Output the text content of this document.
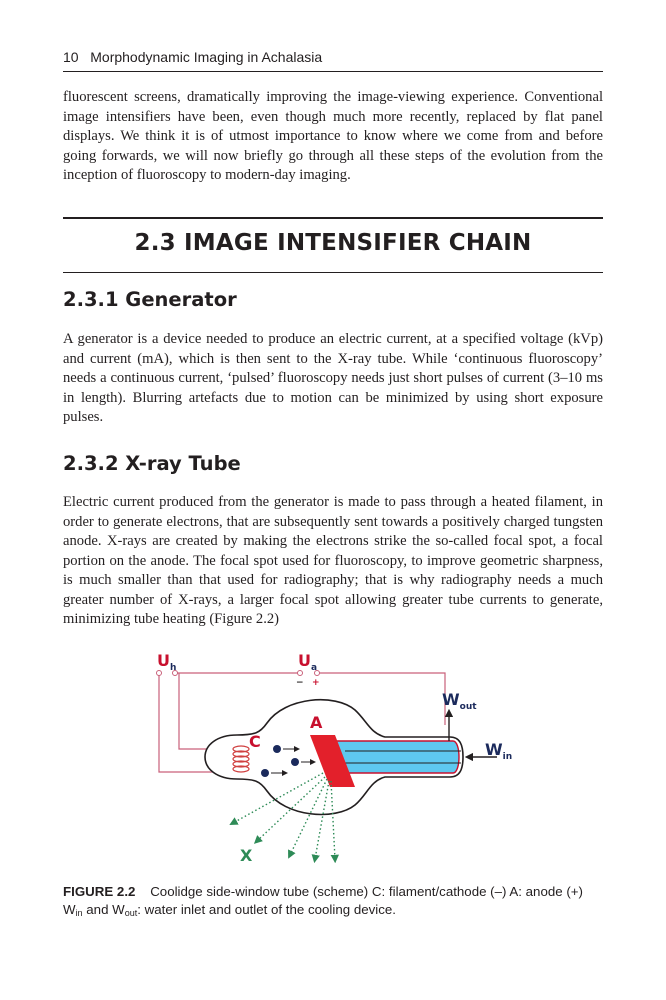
10 Morphodynamic Imaging in Achalasia
fluorescent screens, dramatically improving the image-viewing experience. Conventional image intensifiers have been, even though much more recently, replaced by flat panel displays. We think it is of utmost importance to know where we come from and before going forwards, we will now briefly go through all these steps of the evolution from the inception of fluoroscopy to modern-day imaging.
2.3 IMAGE INTENSIFIER CHAIN
2.3.1 Generator
A generator is a device needed to produce an electric current, at a specified voltage (kVp) and current (mA), which is then sent to the X-ray tube. While ‘continuous fluoroscopy’ needs a continuous current, ‘pulsed’ fluoroscopy needs just short pulses of current (3–10 ms in length). Blurring artefacts due to motion can be minimized by using short exposure pulses.
2.3.2 X-ray Tube
Electric current produced from the generator is made to pass through a heated filament, in order to generate electrons, that are subsequently sent towards a positively charged tungsten anode. X-rays are created by making the electrons strike the so-called focal spot, a focal portion on the anode. The focal spot used for fluoroscopy, to improve geometric sharpness, is much smaller than that used for radiography; that is why radiography needs a much greater number of X-rays, a larger focal spot allowing greater tube currents to generate, minimizing tube heating (Figure 2.2)
$U_h$	$U_a$
− +
C
A
$W_{out}$
$W_{in}$
X
FIGURE 2.2 Coolidge side-window tube (scheme) C: filament/cathode (–) A: anode (+) $W_{in}$ and $W_{out}$: water inlet and outlet of the cooling device.
